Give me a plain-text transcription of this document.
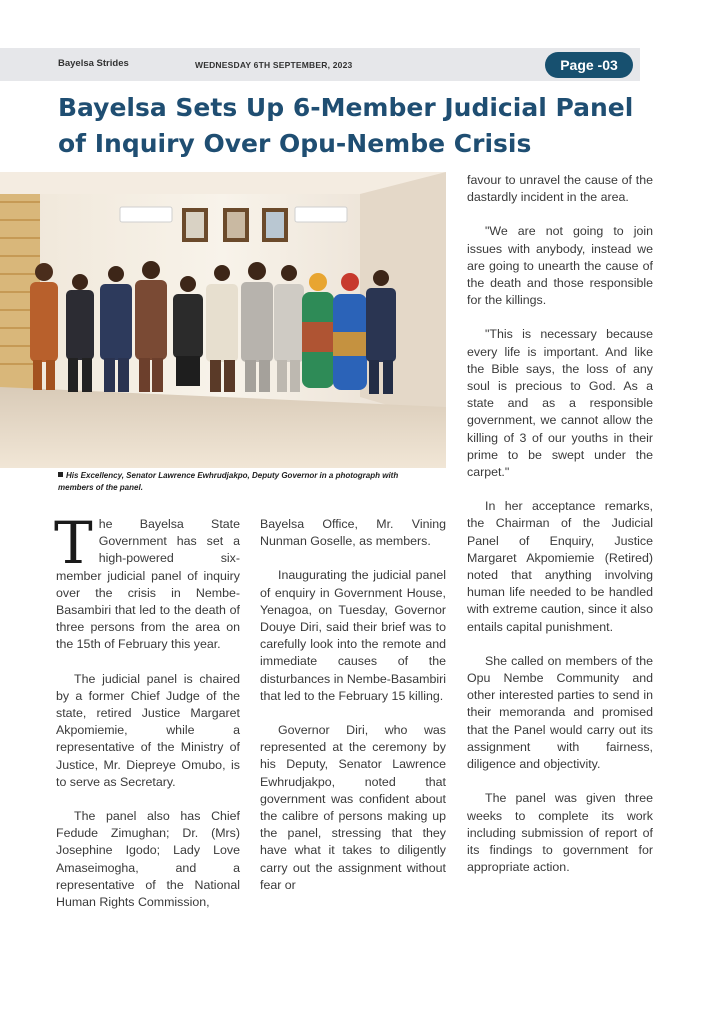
Bayelsa Strides	WEDNESDAY 6TH SEPTEMBER, 2023	Page -03
Bayelsa Sets Up 6-Member Judicial Panel of Inquiry Over Opu-Nembe Crisis
His Excellency, Senator Lawrence Ewhrudjakpo, Deputy Governor in a photograph with members of the panel.

The Bayelsa State Government has set a high-powered six-member judicial panel of inquiry over the crisis in Nembe-Basambiri that led to the death of three persons from the area on the 15th of February this year.

The judicial panel is chaired by a former Chief Judge of the state, retired Justice Margaret Akpomiemie, while a representative of the Ministry of Justice, Mr. Diepreye Omubo, is to serve as Secretary.

The panel also has Chief Fedude Zimughan; Dr. (Mrs) Josephine Igodo; Lady Love Amaseimogha, and a representative of the National Human Rights Commission,

Bayelsa Office, Mr. Vining Nunman Goselle, as members.

Inaugurating the judicial panel of enquiry in Government House, Yenagoa, on Tuesday, Governor Douye Diri, said their brief was to carefully look into the remote and immediate causes of the disturbances in Nembe-Basambiri that led to the February 15 killing.

Governor Diri, who was represented at the ceremony by his Deputy, Senator Lawrence Ewhrudjakpo, noted that government was confident about the calibre of persons making up the panel, stressing that they have what it takes to diligently carry out the assignment without fear or

favour to unravel the cause of the dastardly incident in the area.

"We are not going to join issues with anybody, instead we are going to unearth the cause of the death and those responsible for the killings.

"This is necessary because every life is important. And like the Bible says, the loss of any soul is precious to God. As a state and as a responsible government, we cannot allow the killing of 3 of our youths in their prime to be swept under the carpet."

In her acceptance remarks, the Chairman of the Judicial Panel of Enquiry, Justice Margaret Akpomiemie (Retired) noted that anything involving human life needed to be handled with extreme caution, since it also entails capital punishment.

She called on members of the Opu Nembe Community and other interested parties to send in their memoranda and promised that the Panel would carry out its assignment with fairness, diligence and objectivity.

The panel was given three weeks to complete its work including submission of report of its findings to government for appropriate action.
